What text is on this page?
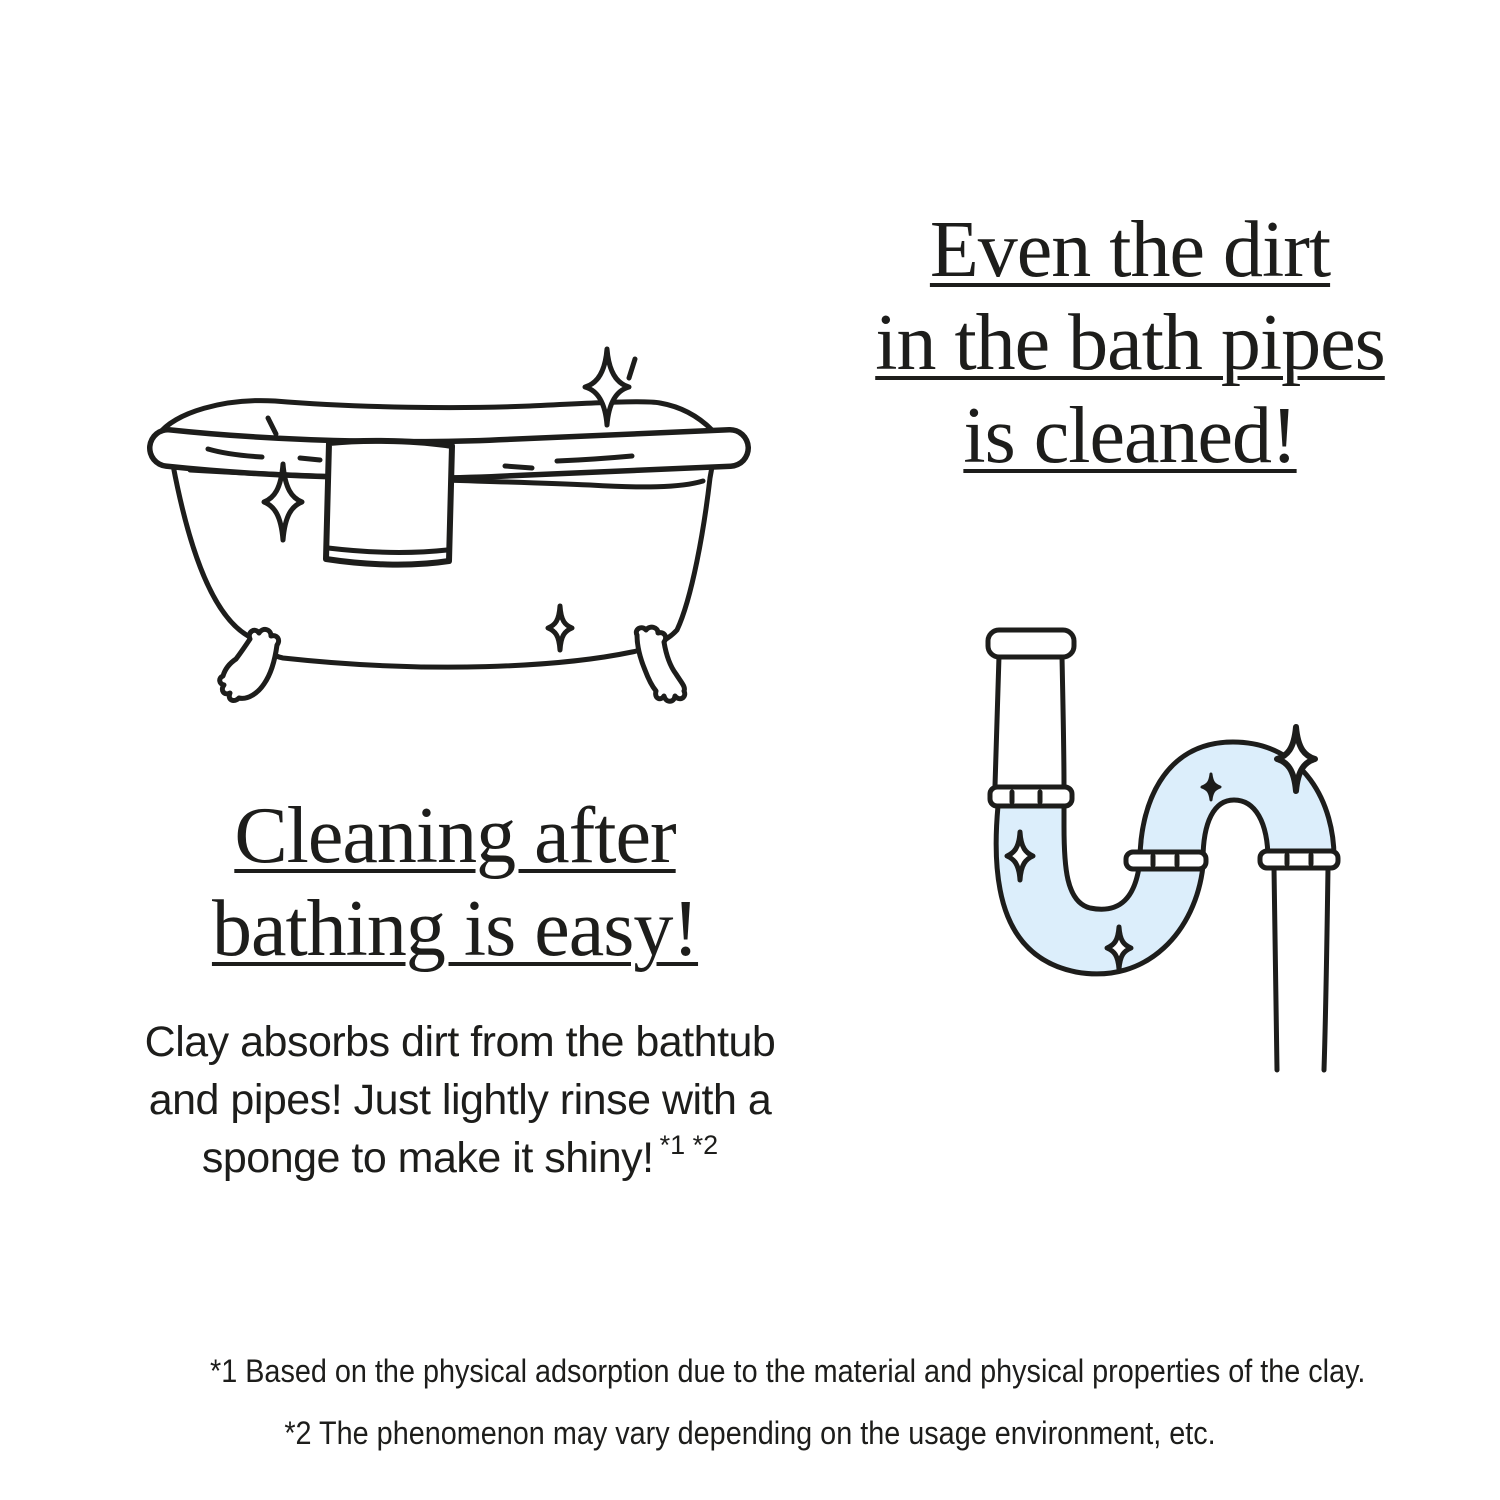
Even the dirt
in the bath pipes
is cleaned!
Cleaning after
bathing is easy!
Clay absorbs dirt from the bathtub
and pipes! Just lightly rinse with a
sponge to make it shiny! $^{*1 *2}$
*1 Based on the physical adsorption due to the material and physical properties of the clay.
*2 The phenomenon may vary depending on the usage environment, etc.
